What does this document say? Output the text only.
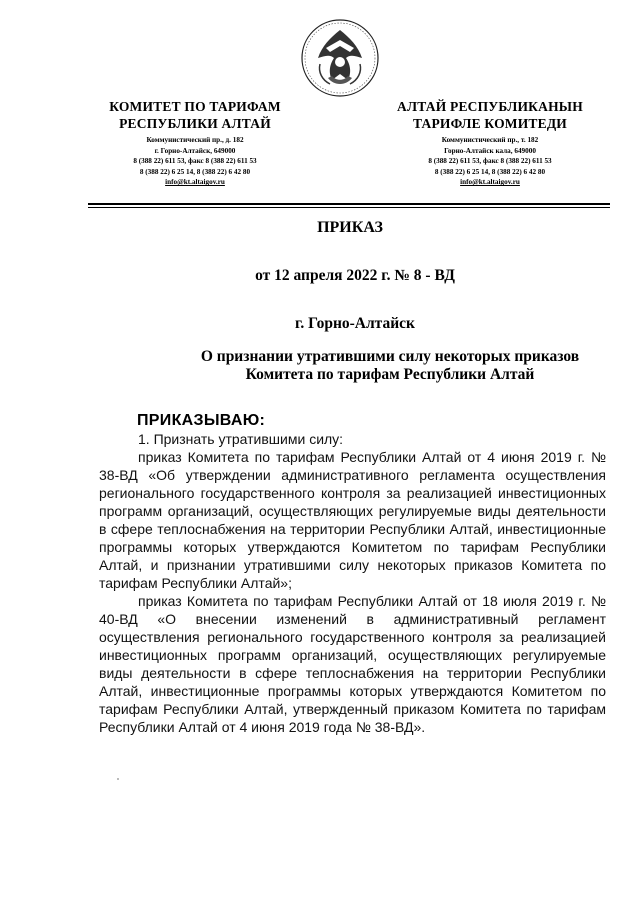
КОМИТЕТ ПО ТАРИФАМ
РЕСПУБЛИКИ АЛТАЙ
Коммунистический пр., д. 182
г. Горно-Алтайск, 649000
8 (388 22) 611 53, факс 8 (388 22) 611 53
8 (388 22) 6 25 14, 8 (388 22) 6 42 80
info@kt.altaigov.ru
АЛТАЙ РЕСПУБЛИКАНЫН
ТАРИФЛЕ КОМИТЕДИ
Коммунистический пр., т. 182
Горно-Алтайск кала, 649000
8 (388 22) 611 53, факс 8 (388 22) 611 53
8 (388 22) 6 25 14, 8 (388 22) 6 42 80
info@kt.altaigov.ru
ПРИКАЗ
от 12 апреля 2022 г. № 8 - ВД
г. Горно-Алтайск
О признании утратившими силу некоторых приказов
Комитета по тарифам Республики Алтай
ПРИКАЗЫВАЮ:

1. Признать утратившими силу:

приказ Комитета по тарифам Республики Алтай от 4 июня 2019 г. № 38-ВД «Об утверждении административного регламента осуществления регионального государственного контроля за реализацией инвестиционных программ организаций, осуществляющих регулируемые виды деятельности в сфере теплоснабжения на территории Республики Алтай, инвестиционные программы которых утверждаются Комитетом по тарифам Республики Алтай, и признании утратившими силу некоторых приказов Комитета по тарифам Республики Алтай»;

приказ Комитета по тарифам Республики Алтай от 18 июля 2019 г. № 40-ВД «О внесении изменений в административный регламент осуществления регионального государственного контроля за реализацией инвестиционных программ организаций, осуществляющих регулируемые виды деятельности в сфере теплоснабжения на территории Республики Алтай, инвестиционные программы которых утверждаются Комитетом по тарифам Республики Алтай, утвержденный приказом Комитета по тарифам Республики Алтай от 4 июня 2019 года № 38-ВД».
